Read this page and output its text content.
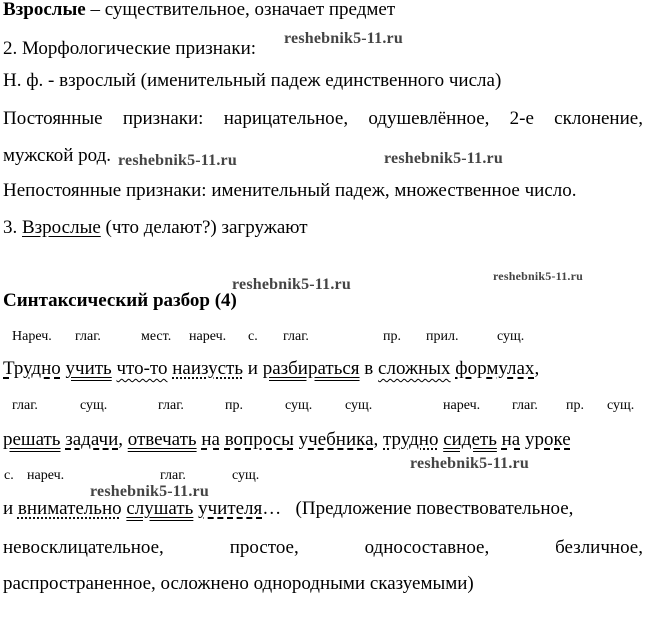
Взрослые – существительное, означает предмет
2. Морфологические признаки:
Н. ф. - взрослый (именительный падеж единственного числа)
Постоянные признаки: нарицательное, одушевлённое, 2-е склонение,
мужской род.
Непостоянные признаки: именительный падеж, множественное число.
3. Взрослые (что делают?) загружают
Синтаксический разбор (4)
Нареч. глаг.	мест. нареч. с. глаг.	пр. прил.	сущ.
Трудно учить что-то наизусть и разбираться в сложных формулах,
глаг.	сущ.	глаг.	пр.	сущ. сущ.	нареч. глаг. пр. сущ.
решать задачи, отвечать на вопросы учебника, трудно сидеть на уроке
с. нареч.	глаг.	сущ.
и внимательно слушать учителя… (Предложение повествовательное,
невосклицательное,	простое,	односоставное,	безличное,
распространенное, осложнено однородными сказуемыми)
reshebnik5-11.ru
reshebnik5-11.ru	reshebnik5-11.ru
reshebnik5-11.ru	reshebnik5-11.ru
reshebnik5-11.ru
reshebnik5-11.ru
